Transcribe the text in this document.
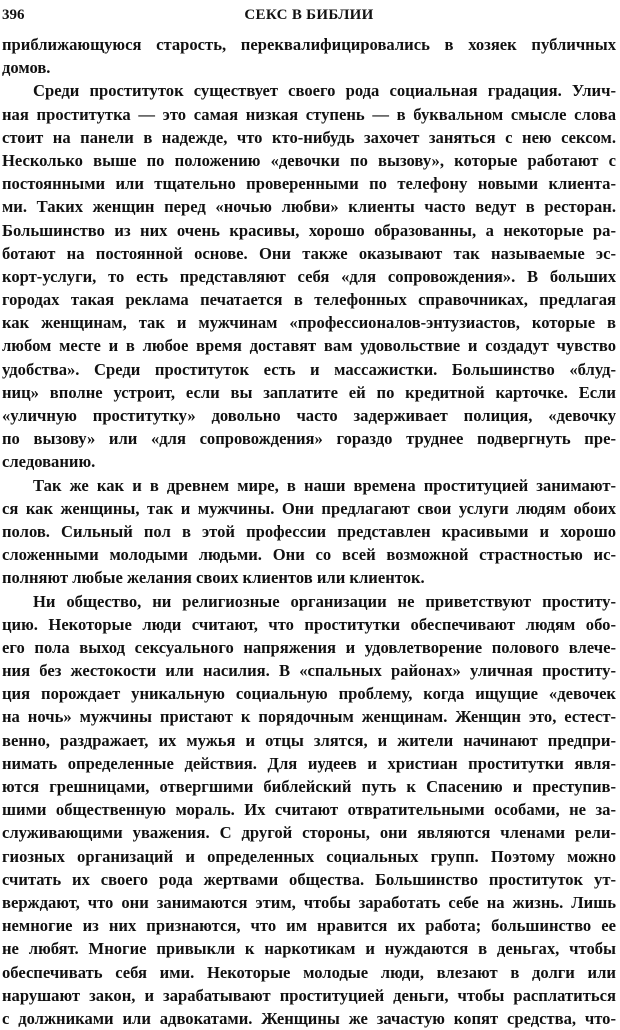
396	СЕКС В БИБЛИИ
приближающуюся старость, переквалифицировались в хозяек публичных
домов.
Среди проституток существует своего рода социальная градация. Улич-
ная проститутка — это самая низкая ступень — в буквальном смысле слова
стоит на панели в надежде, что кто-нибудь захочет заняться с нею сексом.
Несколько выше по положению «девочки по вызову», которые работают с
постоянными или тщательно проверенными по телефону новыми клиента-
ми. Таких женщин перед «ночью любви» клиенты часто ведут в ресторан.
Большинство из них очень красивы, хорошо образованны, а некоторые ра-
ботают на постоянной основе. Они также оказывают так называемые эс-
корт-услуги, то есть представляют себя «для сопровождения». В больших
городах такая реклама печатается в телефонных справочниках, предлагая
как женщинам, так и мужчинам «профессионалов-энтузиастов, которые в
любом месте и в любое время доставят вам удовольствие и создадут чувство
удобства». Среди проституток есть и массажистки. Большинство «блуд-
ниц» вполне устроит, если вы заплатите ей по кредитной карточке. Если
«уличную проститутку» довольно часто задерживает полиция, «девочку
по вызову» или «для сопровождения» гораздо труднее подвергнуть пре-
следованию.
Так же как и в древнем мире, в наши времена проституцией занимают-
ся как женщины, так и мужчины. Они предлагают свои услуги людям обоих
полов. Сильный пол в этой профессии представлен красивыми и хорошо
сложенными молодыми людьми. Они со всей возможной страстностью ис-
полняют любые желания своих клиентов или клиенток.
Ни общество, ни религиозные организации не приветствуют проститу-
цию. Некоторые люди считают, что проститутки обеспечивают людям обо-
его пола выход сексуального напряжения и удовлетворение полового влече-
ния без жестокости или насилия. В «спальных районах» уличная проститу-
ция порождает уникальную социальную проблему, когда ищущие «девочек
на ночь» мужчины пристают к порядочным женщинам. Женщин это, естест-
венно, раздражает, их мужья и отцы злятся, и жители начинают предпри-
нимать определенные действия. Для иудеев и христиан проститутки явля-
ются грешницами, отвергшими библейский путь к Спасению и преступив-
шими общественную мораль. Их считают отвратительными особами, не за-
служивающими уважения. С другой стороны, они являются членами рели-
гиозных организаций и определенных социальных групп. Поэтому можно
считать их своего рода жертвами общества. Большинство проституток ут-
верждают, что они занимаются этим, чтобы заработать себе на жизнь. Лишь
немногие из них признаются, что им нравится их работа; большинство ее
не любят. Многие привыкли к наркотикам и нуждаются в деньгах, чтобы
обеспечивать себя ими. Некоторые молодые люди, влезают в долги или
нарушают закон, и зарабатывают проституцией деньги, чтобы расплатиться
с должниками или адвокатами. Женщины же зачастую копят средства, что-
